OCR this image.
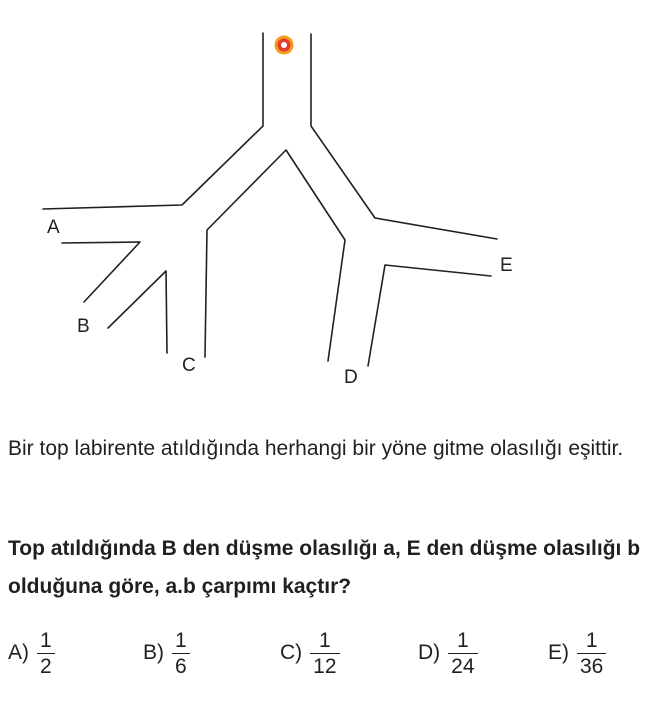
A
B
C
D
E
Bir top labirente atıldığında herhangi bir yöne gitme olasılığı eşittir.
Top atıldığında B den düşme olasılığı a, E den düşme olasılığı b olduğuna göre, a.b çarpımı kaçtır?
$A) \frac{1}{2}$	$B) \frac{1}{6}$	$C) \frac{1}{12}$	$D) \frac{1}{24}$	$E) \frac{1}{36}$
